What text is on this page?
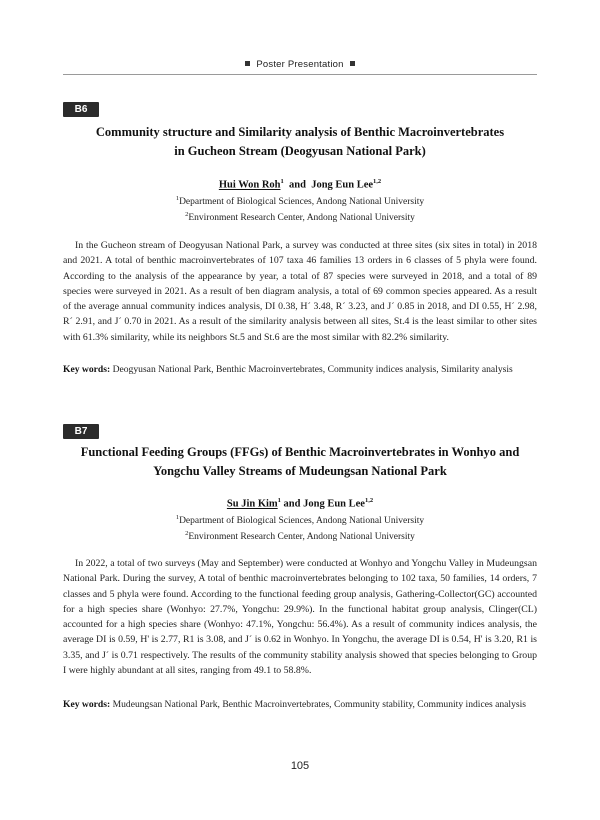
Poster Presentation
B6
Community structure and Similarity analysis of Benthic Macroinvertebrates
in Gucheon Stream (Deogyusan National Park)
Hui Won Roh$^1$ and Jong Eun Lee$^{1,2}$
$^1$Department of Biological Sciences, Andong National University
$^2$Environment Research Center, Andong National University

In the Gucheon stream of Deogyusan National Park, a survey was conducted at three sites (six sites in total) in 2018 and 2021. A total of benthic macroinvertebrates of 107 taxa 46 families 13 orders in 6 classes of 5 phyla were found. According to the analysis of the appearance by year, a total of 87 species were surveyed in 2018, and a total of 89 species were surveyed in 2021. As a result of ben diagram analysis, a total of 69 common species appeared. As a result of the average annual community indices analysis, DI 0.38, H´ 3.48, R´ 3.23, and J´ 0.85 in 2018, and DI 0.55, H´ 2.98, R´ 2.91, and J´ 0.70 in 2021. As a result of the similarity analysis between all sites, St.4 is the least similar to other sites with 61.3% similarity, while its neighbors St.5 and St.6 are the most similar with 82.2% similarity.

Key words: Deogyusan National Park, Benthic Macroinvertebrates, Community indices analysis, Similarity analysis

B7
Functional Feeding Groups (FFGs) of Benthic Macroinvertebrates in Wonhyo and
Yongchu Valley Streams of Mudeungsan National Park
Su Jin Kim$^1$ and Jong Eun Lee$^{1,2}$
$^1$Department of Biological Sciences, Andong National University
$^2$Environment Research Center, Andong National University

In 2022, a total of two surveys (May and September) were conducted at Wonhyo and Yongchu Valley in Mudeungsan National Park. During the survey, A total of benthic macroinvertebrates belonging to 102 taxa, 50 families, 14 orders, 7 classes and 5 phyla were found. According to the functional feeding group analysis, Gathering-Collector(GC) accounted for a high species share (Wonhyo: 27.7%, Yongchu: 29.9%). In the functional habitat group analysis, Clinger(CL) accounted for a high species share (Wonhyo: 47.1%, Yongchu: 56.4%). As a result of community indices analysis, the average DI is 0.59, H' is 2.77, R1 is 3.08, and J´ is 0.62 in Wonhyo. In Yongchu, the average DI is 0.54, H' is 3.20, R1 is 3.35, and J´ is 0.71 respectively. The results of the community stability analysis showed that species belonging to Group I were highly abundant at all sites, ranging from 49.1 to 58.8%.

Key words: Mudeungsan National Park, Benthic Macroinvertebrates, Community stability, Community indices analysis

105
